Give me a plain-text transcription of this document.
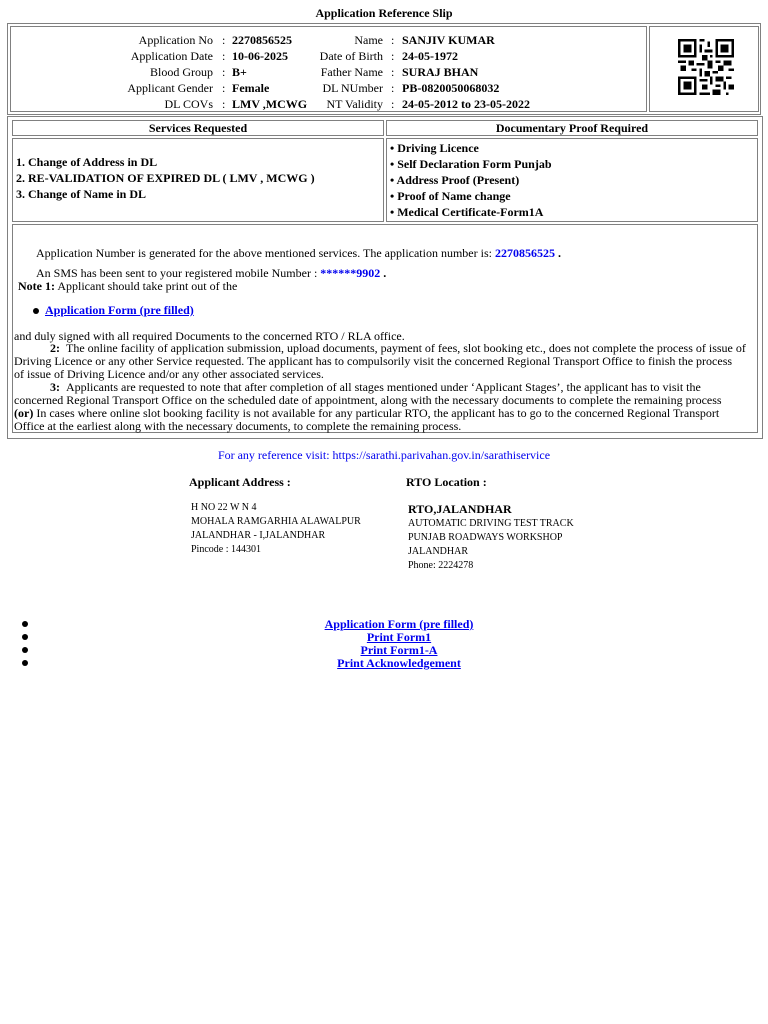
Application Reference Slip
Application No : 2270856525	Name : SANJIV KUMAR
Application Date : 10-06-2025	Date of Birth : 24-05-1972
Blood Group : B+	Father Name : SURAJ BHAN
Applicant Gender : Female	DL NUmber : PB-0820050068032
DL COVs : LMV ,MCWG	NT Validity : 24-05-2012 to 23-05-2022
Services Requested	Documentary Proof Required
1. Change of Address in DL
2. RE-VALIDATION OF EXPIRED DL ( LMV , MCWG )
3. Change of Name in DL
• Driving Licence
• Self Declaration Form Punjab
• Address Proof (Present)
• Proof of Name change
• Medical Certificate-Form1A
Application Number is generated for the above mentioned services. The application number is: 2270856525 .
An SMS has been sent to your registered mobile Number : ******9902 .
Note 1: Applicant should take print out of the
Application Form (pre filled)
and duly signed with all required Documents to the concerned RTO / RLA office.
2: The online facility of application submission, upload documents, payment of fees, slot booking etc., does not complete the process of issue of
Driving Licence or any other Service requested. The applicant has to compulsorily visit the concerned Regional Transport Office to finish the process
of issue of Driving Licence and/or any other associated services.
3: Applicants are requested to note that after completion of all stages mentioned under ‘Applicant Stages’, the applicant has to visit the
concerned Regional Transport Office on the scheduled date of appointment, along with the necessary documents to complete the remaining process
(or) In cases where online slot booking facility is not available for any particular RTO, the applicant has to go to the concerned Regional Transport
Office at the earliest along with the necessary documents, to complete the remaining process.
For any reference visit: https://sarathi.parivahan.gov.in/sarathiservice
Applicant Address :	RTO Location :
H NO 22 W N 4
MOHALA RAMGARHIA ALAWALPUR
JALANDHAR - I,JALANDHAR
Pincode : 144301
RTO,JALANDHAR
AUTOMATIC DRIVING TEST TRACK
PUNJAB ROADWAYS WORKSHOP
JALANDHAR
Phone: 2224278
Application Form (pre filled)
Print Form1
Print Form1-A
Print Acknowledgement
